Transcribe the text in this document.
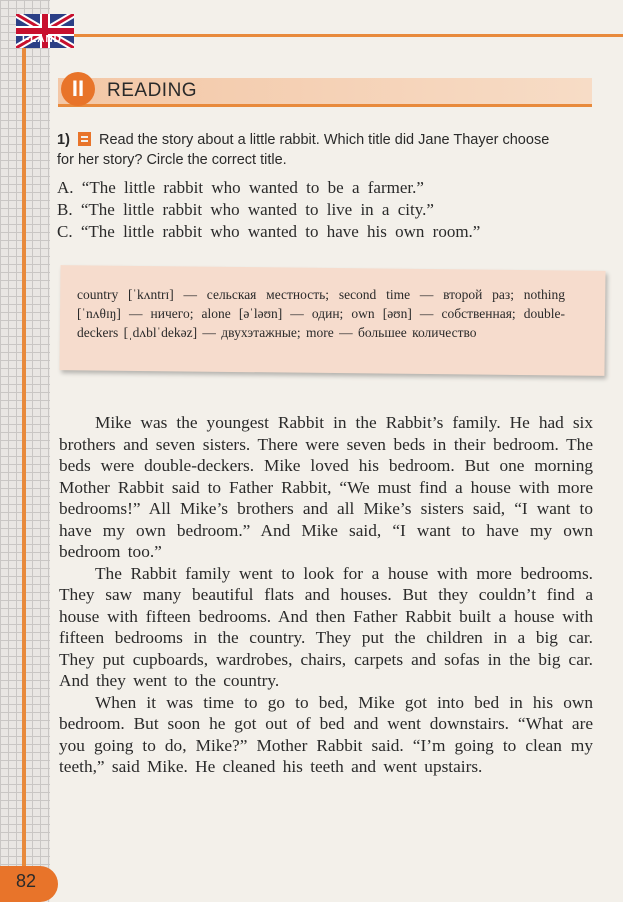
I-LAND
II	READING
1) Read the story about a little rabbit. Which title did Jane Thayer choose for her story? Circle the correct title.
A. “The little rabbit who wanted to be a farmer.”
B. “The little rabbit who wanted to live in a city.”
C. “The little rabbit who wanted to have his own room.”
country [ˈkʌntrɪ] — сельская местность; second time — второй раз; nothing [ˈnʌθɪŋ] — ничего; alone [əˈləʊn] — один; own [əʊn] — собственная; double-deckers [ˌdʌblˈdekəz] — двухэтажные; more — большее количество

Mike was the youngest Rabbit in the Rabbit’s family. He had six brothers and seven sisters. There were seven beds in their bedroom. The beds were double-deckers. Mike loved his bedroom. But one morning Mother Rabbit said to Father Rabbit, “We must find a house with more bedrooms!” All Mike’s brothers and all Mike’s sisters said, “I want to have my own bedroom.” And Mike said, “I want to have my own bedroom too.”

The Rabbit family went to look for a house with more bedrooms. They saw many beautiful flats and houses. But they couldn’t find a house with fifteen bedrooms. And then Father Rabbit built a house with fifteen bedrooms in the country. They put the children in a big car. They put cupboards, wardrobes, chairs, carpets and sofas in the big car. And they went to the country.

When it was time to go to bed, Mike got into bed in his own bedroom. But soon he got out of bed and went downstairs. “What are you going to do, Mike?” Mother Rabbit said. “I’m going to clean my teeth,” said Mike. He cleaned his teeth and went upstairs.

82
